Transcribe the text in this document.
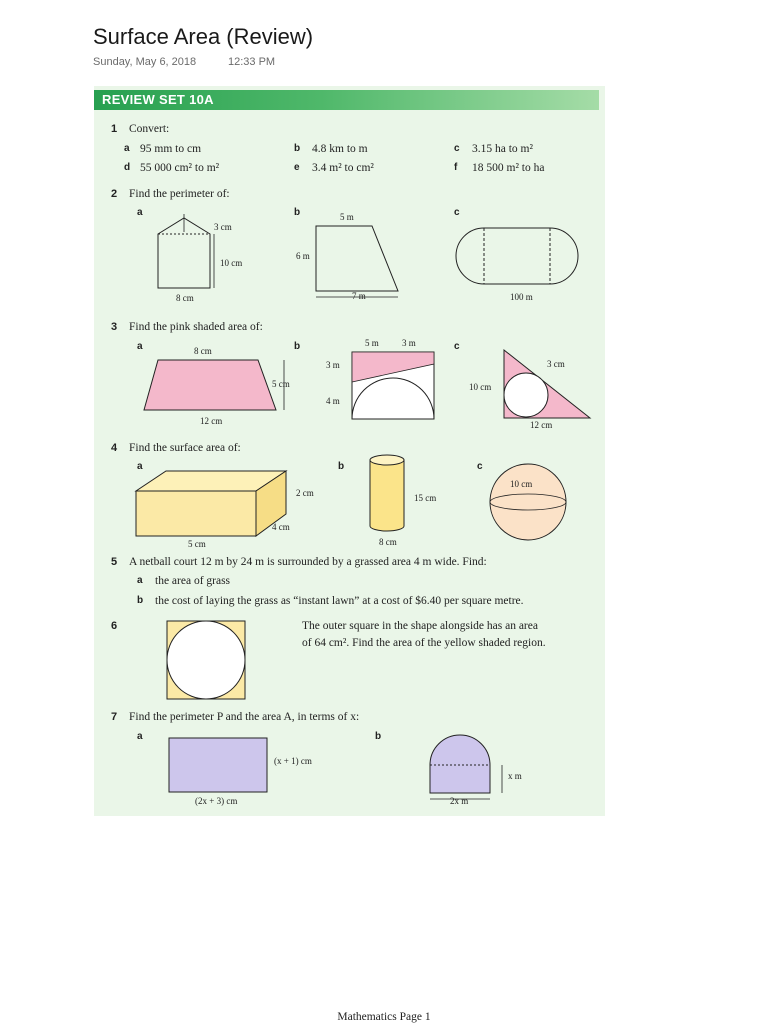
Surface Area (Review)
Sunday, May 6, 2018	12:33 PM
REVIEW SET 10A
1 Convert:
a 95 mm to cm	b 4.8 km to m	c 3.15 ha to m²
d 55 000 cm² to m²	e 3.4 m² to cm²	f 18 500 m² to ha
2 Find the perimeter of:
a	b	c
3 cm
10 cm
8 cm
5 m
6 m
7 m	100 m
3 Find the pink shaded area of:
a	b	c
8 cm
5 cm
12 cm
5 m	3 m
3 m
4 m
3 cm
10 cm
12 cm
4 Find the surface area of:
a	b	c
2 cm
4 cm
5 cm
15 cm
8 cm
10 cm
5 A netball court 12 m by 24 m is surrounded by a grassed area 4 m wide. Find:
a the area of grass
b the cost of laying the grass as “instant lawn” at a cost of $6.40 per square metre.
6	The outer square in the shape alongside has an area
of 64 cm². Find the area of the yellow shaded region.
7 Find the perimeter P and the area A, in terms of x:
a	b
(x + 1) cm
(2x + 3) cm
x m
2x m
Mathematics Page 1
